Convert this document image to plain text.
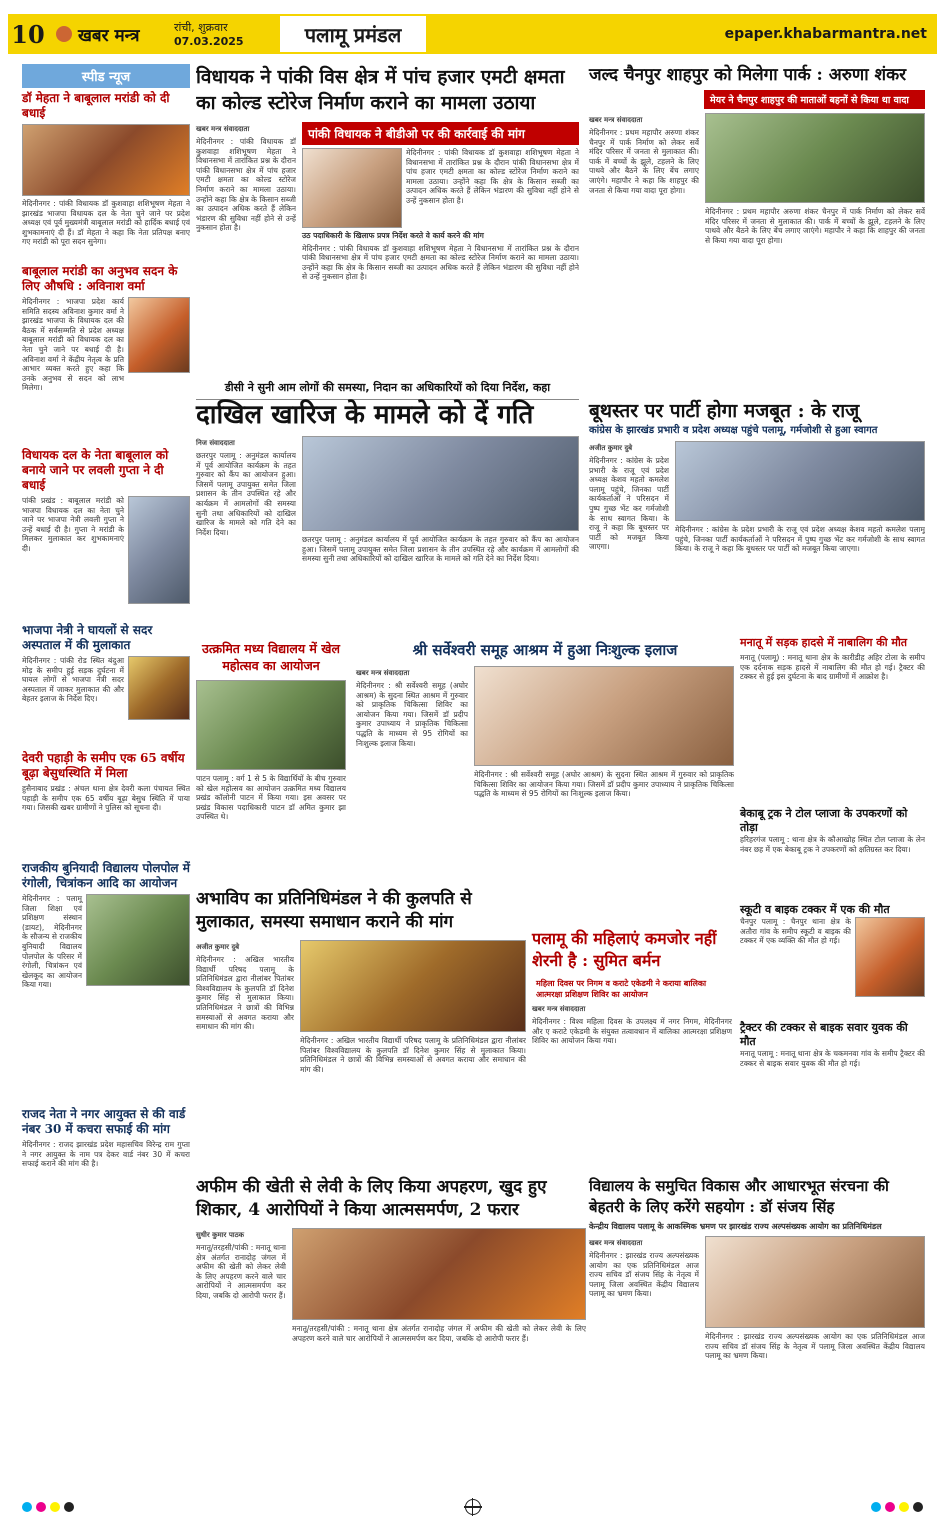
10 खबर मन्त्र	रांची, शुक्रवार
07.03.2025	पलामू प्रमंडल	epaper.khabarmantra.net
स्पीड न्यूज
डॉ मेहता ने बाबूलाल मरांडी को दी बधाई
मेदिनीनगर : पांकी विधायक डॉ कुशवाहा शशिभूषण मेहता ने झारखंड भाजपा विधायक दल के नेता चुने जाने पर प्रदेश अध्यक्ष एवं पूर्व मुख्यमंत्री बाबूलाल मरांडी को हार्दिक बधाई एवं शुभकामनाएं दी हैं। डॉ मेहता ने कहा कि नेता प्रतिपक्ष बनाए गए मरांडी को पूरा सदन सुनेगा।
बाबूलाल मरांडी का अनुभव सदन के लिए औषधि : अविनाश वर्मा
मेदिनीनगर : भाजपा प्रदेश कार्य समिति सदस्य अविनाश कुमार वर्मा ने झारखंड भाजपा के विधायक दल की बैठक में सर्वसम्मति से प्रदेश अध्यक्ष बाबूलाल मरांडी को विधायक दल का नेता चुने जाने पर बधाई दी है। अविनाश वर्मा ने केंद्रीय नेतृत्व के प्रति आभार व्यक्त करते हुए कहा कि उनके अनुभव से सदन को लाभ मिलेगा।
विधायक दल के नेता बाबूलाल को बनाये जाने पर लवली गुप्ता ने दी बधाई
पांकी प्रखंड : बाबूलाल मरांडी को भाजपा विधायक दल का नेता चुने जाने पर भाजपा नेत्री लवली गुप्ता ने उन्हें बधाई दी है। गुप्ता ने मरांडी के मिलकर मुलाकात कर शुभकामनाएं दी।
भाजपा नेत्री ने घायलों से सदर अस्पताल में की मुलाकात
मेदिनीनगर : पांकी रोड स्थित बंदुआ मोड़ के समीप हुई सड़क दुर्घटना में घायल लोगों से भाजपा नेत्री सदर अस्पताल में जाकर मुलाकात की और बेहतर इलाज के निर्देश दिए।
देवरी पहाड़ी के समीप एक 65 वर्षीय बूढ़ा बेसुधस्थिति में मिला
हुसैनाबाद प्रखंड : अंचल थाना क्षेत्र देवरी कला पंचायत स्थित पहाड़ी के समीप एक 65 वर्षीय बूढ़ा बेसुध स्थिति में पाया गया। जिसकी खबर ग्रामीणों ने पुलिस को सूचना दी।
राजकीय बुनियादी विद्यालय पोलपोल में रंगोली, चित्रांकन आदि का आयोजन
मेदिनीनगर : पलामू जिला शिक्षा एवं प्रशिक्षण संस्थान (डायट), मेदिनीनगर के सौजन्य से राजकीय बुनियादी विद्यालय पोलपोल के परिसर में रंगोली, चित्रांकन एवं खेलकूद का आयोजन किया गया।
राजद नेता ने नगर आयुक्त से की वार्ड नंबर 30 में कचरा सफाई की मांग
मेदिनीनगर : राजद झारखंड प्रदेश महासचिव विरेन्द्र राम गुप्ता ने नगर आयुक्त के नाम पत्र देकर वार्ड नंबर 30 में कचरा सफाई कराने की मांग की है।
विधायक ने पांकी विस क्षेत्र में पांच हजार एमटी क्षमता का कोल्ड स्टोरेज निर्माण कराने का मामला उठाया
खबर मन्त्र संवाददाता
मेदिनीनगर : पांकी विधायक डॉ कुशवाहा शशिभूषण मेहता ने विधानसभा में तारांकित प्रश्न के दौरान पांकी विधानसभा क्षेत्र में पांच हजार एमटी क्षमता का कोल्ड स्टोरेज निर्माण कराने का मामला उठाया। उन्होंने कहा कि क्षेत्र के किसान सब्जी का उत्पादन अधिक करते हैं लेकिन भंडारण की सुविधा नहीं होने से उन्हें नुकसान होता है।
पांकी विधायक ने बीडीओ पर की कार्रवाई की मांग
मेदिनीनगर : पांकी विधायक डॉ कुशवाहा शशिभूषण मेहता ने विधानसभा में तारांकित प्रश्न के दौरान पांकी विधानसभा क्षेत्र में पांच हजार एमटी क्षमता का कोल्ड स्टोरेज निर्माण कराने का मामला उठाया। उन्होंने कहा कि क्षेत्र के किसान सब्जी का उत्पादन अधिक करते हैं लेकिन भंडारण की सुविधा नहीं होने से उन्हें नुकसान होता है।
उठ पदाधिकारी के खिलाफ प्रपत्र निर्देश करते वे कार्य करने की मांग
मेदिनीनगर : पांकी विधायक डॉ कुशवाहा शशिभूषण मेहता ने विधानसभा में तारांकित प्रश्न के दौरान पांकी विधानसभा क्षेत्र में पांच हजार एमटी क्षमता का कोल्ड स्टोरेज निर्माण कराने का मामला उठाया। उन्होंने कहा कि क्षेत्र के किसान सब्जी का उत्पादन अधिक करते हैं लेकिन भंडारण की सुविधा नहीं होने से उन्हें नुकसान होता है।
डीसी ने सुनी आम लोगों की समस्या, निदान का अधिकारियों को दिया निर्देश, कहा
दाखिल खारिज के मामले को दें गति
निज संवाददाता
छतरपुर पलामू : अनुमंडल कार्यालय में पूर्व आयोजित कार्यक्रम के तहत गुरुवार को कैंप का आयोजन हुआ। जिसमें पलामू उपायुक्त समेत जिला प्रशासन के तीन उपस्थित रहे और कार्यक्रम में आमलोगों की समस्या सुनी तथा अधिकारियों को दाखिल खारिज के मामले को गति देने का निर्देश दिया।
छतरपुर पलामू : अनुमंडल कार्यालय में पूर्व आयोजित कार्यक्रम के तहत गुरुवार को कैंप का आयोजन हुआ। जिसमें पलामू उपायुक्त समेत जिला प्रशासन के तीन उपस्थित रहे और कार्यक्रम में आमलोगों की समस्या सुनी तथा अधिकारियों को दाखिल खारिज के मामले को गति देने का निर्देश दिया।
उत्क्रमित मध्य विद्यालय में खेल महोत्सव का आयोजन
पाटन पलामू : वर्ग 1 से 5 के विद्यार्थियों के बीच गुरुवार को खेल महोत्सव का आयोजन उत्क्रमित मध्य विद्यालय प्रखंड कॉलोनी पाटन में किया गया। इस अवसर पर प्रखंड विकास पदाधिकारी पाटन डॉ अमित कुमार झा उपस्थित थे।
श्री सर्वेश्वरी समूह आश्रम में हुआ निःशुल्क इलाज
खबर मन्त्र संवाददाता
मेदिनीनगर : श्री सर्वेश्वरी समूह (अघोर आश्रम) के सुदना स्थित आश्रम में गुरुवार को प्राकृतिक चिकित्सा शिविर का आयोजन किया गया। जिसमें डॉ प्रदीप कुमार उपाध्याय ने प्राकृतिक चिकित्सा पद्धति के माध्यम से 95 रोगियों का निःशुल्क इलाज किया।
मेदिनीनगर : श्री सर्वेश्वरी समूह (अघोर आश्रम) के सुदना स्थित आश्रम में गुरुवार को प्राकृतिक चिकित्सा शिविर का आयोजन किया गया। जिसमें डॉ प्रदीप कुमार उपाध्याय ने प्राकृतिक चिकित्सा पद्धति के माध्यम से 95 रोगियों का निःशुल्क इलाज किया।
अभाविप का प्रतिनिधिमंडल ने की कुलपति से मुलाकात, समस्या समाधान कराने की मांग
अजीत कुमार दुबे
मेदिनीनगर : अखिल भारतीय विद्यार्थी परिषद पलामू के प्रतिनिधिमंडल द्वारा नीलांबर पितांबर विश्वविद्यालय के कुलपति डॉ दिनेश कुमार सिंह से मुलाकात किया। प्रतिनिधिमंडल ने छात्रों की विभिन्न समस्याओं से अवगत कराया और समाधान की मांग की।
मेदिनीनगर : अखिल भारतीय विद्यार्थी परिषद पलामू के प्रतिनिधिमंडल द्वारा नीलांबर पितांबर विश्वविद्यालय के कुलपति डॉ दिनेश कुमार सिंह से मुलाकात किया। प्रतिनिधिमंडल ने छात्रों की विभिन्न समस्याओं से अवगत कराया और समाधान की मांग की।
अफीम की खेती से लेवी के लिए किया अपहरण, खुद हुए शिकार, 4 आरोपियों ने किया आत्मसमर्पण, 2 फरार
सुधीर कुमार पाठक
मनातू/तरहसी/पांकी : मनातू थाना क्षेत्र अंतर्गत रानादोह जंगल में अफीम की खेती को लेकर लेवी के लिए अपहरण करने वाले चार आरोपियों ने आत्मसमर्पण कर दिया, जबकि दो आरोपी फरार हैं।
मनातू/तरहसी/पांकी : मनातू थाना क्षेत्र अंतर्गत रानादोह जंगल में अफीम की खेती को लेकर लेवी के लिए अपहरण करने वाले चार आरोपियों ने आत्मसमर्पण कर दिया, जबकि दो आरोपी फरार हैं।
जल्द चैनपुर शाहपुर को मिलेगा पार्क : अरुणा शंकर
मेयर ने चैनपुर शाहपुर की माताओं बहनों से किया था वादा
खबर मन्त्र संवाददाता
मेदिनीनगर : प्रथम महापौर अरुणा शंकर चैनपुर में पार्क निर्माण को लेकर सर्वे मंदिर परिसर में जनता से मुलाकात की। पार्क में बच्चों के झूले, टहलने के लिए पाथवे और बैठने के लिए बेंच लगाए जाएंगे। महापौर ने कहा कि शाहपुर की जनता से किया गया वादा पूरा होगा।
मेदिनीनगर : प्रथम महापौर अरुणा शंकर चैनपुर में पार्क निर्माण को लेकर सर्वे मंदिर परिसर में जनता से मुलाकात की। पार्क में बच्चों के झूले, टहलने के लिए पाथवे और बैठने के लिए बेंच लगाए जाएंगे। महापौर ने कहा कि शाहपुर की जनता से किया गया वादा पूरा होगा।
बूथस्तर पर पार्टी होगा मजबूत : के राजू
कांग्रेस के झारखंड प्रभारी व प्रदेश अध्यक्ष पहुंचे पलामू, गर्मजोशी से हुआ स्वागत
अजीत कुमार दुबे
मेदिनीनगर : कांग्रेस के प्रदेश प्रभारी के राजू एवं प्रदेश अध्यक्ष केशव महतो कमलेश पलामू पहुंचे, जिनका पार्टी कार्यकर्ताओं ने परिसदन में पुष्प गुच्छ भेंट कर गर्मजोशी के साथ स्वागत किया। के राजू ने कहा कि बूथस्तर पर पार्टी को मजबूत किया जाएगा।
मेदिनीनगर : कांग्रेस के प्रदेश प्रभारी के राजू एवं प्रदेश अध्यक्ष केशव महतो कमलेश पलामू पहुंचे, जिनका पार्टी कार्यकर्ताओं ने परिसदन में पुष्प गुच्छ भेंट कर गर्मजोशी के साथ स्वागत किया। के राजू ने कहा कि बूथस्तर पर पार्टी को मजबूत किया जाएगा।
मनातू में सड़क हादसे में नाबालिग की मौत
मनातू (पलामू) : मनातू थाना क्षेत्र के कारीडीह अहिर टोला के समीप एक दर्दनाक सड़क हादसे में नाबालिग की मौत हो गई। ट्रैक्टर की टक्कर से हुई इस दुर्घटना के बाद ग्रामीणों में आक्रोश है।
बेकाबू ट्रक ने टोल प्लाजा के उपकरणों को तोड़ा
हरिहरगंज पलामू : थाना क्षेत्र के कौआखोह स्थित टोल प्लाजा के लेन नंबर छह में एक बेकाबू ट्रक ने उपकरणों को क्षतिग्रस्त कर दिया।
स्कूटी व बाइक टक्कर में एक की मौत
चैनपुर पलामू : चैनपुर थाना क्षेत्र के अतौरा गांव के समीप स्कूटी व बाइक की टक्कर में एक व्यक्ति की मौत हो गई।
ट्रैक्टर की टक्कर से बाइक सवार युवक की मौत
मनातू पलामू : मनातू थाना क्षेत्र के चकमनवा गांव के समीप ट्रैक्टर की टक्कर से बाइक सवार युवक की मौत हो गई।
पलामू की महिलाएं कमजोर नहीं शेरनी है : सुमित बर्मन
महिला दिवस पर निगम व कराटे एकेडमी ने कराया बालिका आत्मरक्षा प्रशिक्षण शिविर का आयोजन
खबर मन्त्र संवाददाता
मेदिनीनगर : विश्व महिला दिवस के उपलक्ष्य में नगर निगम, मेदिनीनगर और ए कराटे एकेडमी के संयुक्त तत्वावधान में बालिका आत्मरक्षा प्रशिक्षण शिविर का आयोजन किया गया।
विद्यालय के समुचित विकास और आधारभूत संरचना की बेहतरी के लिए करेंगे सहयोग : डॉ संजय सिंह
केन्द्रीय विद्यालय पलामू के आकस्मिक भ्रमण पर झारखंड राज्य अल्पसंख्यक आयोग का प्रतिनिधिमंडल
खबर मन्त्र संवाददाता
मेदिनीनगर : झारखंड राज्य अल्पसंख्यक आयोग का एक प्रतिनिधिमंडल आज राज्य सचिव डॉ संजय सिंह के नेतृत्व में पलामू जिला अवस्थित केंद्रीय विद्यालय पलामू का भ्रमण किया।
मेदिनीनगर : झारखंड राज्य अल्पसंख्यक आयोग का एक प्रतिनिधिमंडल आज राज्य सचिव डॉ संजय सिंह के नेतृत्व में पलामू जिला अवस्थित केंद्रीय विद्यालय पलामू का भ्रमण किया।
